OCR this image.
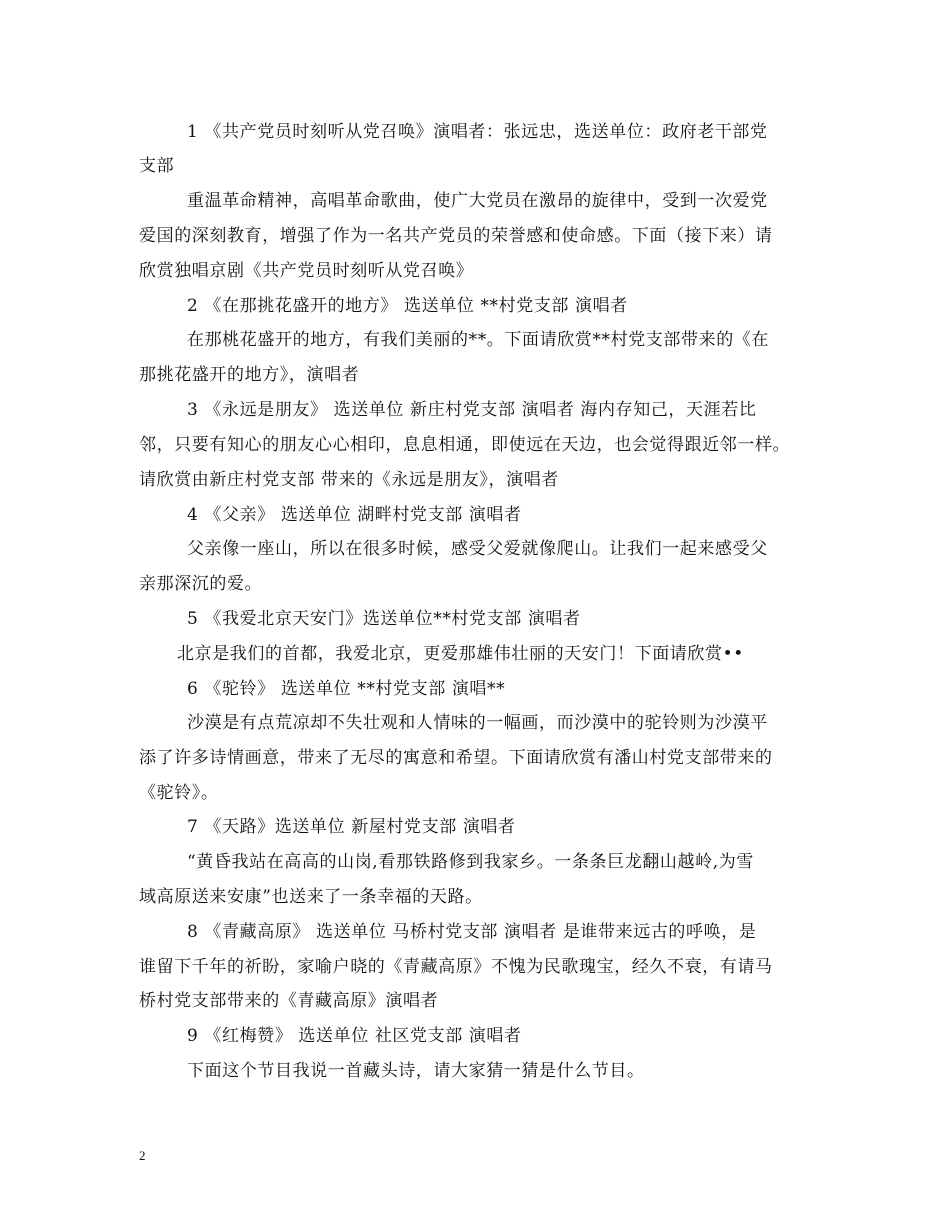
1 《共产党员时刻听从党召唤》演唱者：张远忠，选送单位：政府老干部党
支部
重温革命精神，高唱革命歌曲，使广大党员在激昂的旋律中，受到一次爱党
爱国的深刻教育，增强了作为一名共产党员的荣誉感和使命感。下面（接下来）请
欣赏独唱京剧《共产党员时刻听从党召唤》
2 《在那挑花盛开的地方》 选送单位 **村党支部 演唱者
在那桃花盛开的地方，有我们美丽的**。下面请欣赏**村党支部带来的《在
那挑花盛开的地方》，演唱者
3 《永远是朋友》 选送单位 新庄村党支部 演唱者 海内存知己，天涯若比
邻，只要有知心的朋友心心相印，息息相通，即使远在天边，也会觉得跟近邻一样。
请欣赏由新庄村党支部 带来的《永远是朋友》，演唱者
4 《父亲》 选送单位 湖畔村党支部 演唱者
父亲像一座山，所以在很多时候，感受父爱就像爬山。让我们一起来感受父
亲那深沉的爱。
5 《我爱北京天安门》选送单位**村党支部 演唱者
北京是我们的首都，我爱北京，更爱那雄伟壮丽的天安门！下面请欣赏••
6 《驼铃》 选送单位 **村党支部 演唱**
沙漠是有点荒凉却不失壮观和人情味的一幅画，而沙漠中的驼铃则为沙漠平
添了许多诗情画意，带来了无尽的寓意和希望。下面请欣赏有潘山村党支部带来的
《驼铃》。
7 《天路》选送单位 新屋村党支部 演唱者
“黄昏我站在高高的山岗,看那铁路修到我家乡。一条条巨龙翻山越岭,为雪
域高原送来安康”也送来了一条幸福的天路。
8 《青藏高原》 选送单位 马桥村党支部 演唱者 是谁带来远古的呼唤，是
谁留下千年的祈盼，家喻户晓的《青藏高原》不愧为民歌瑰宝，经久不衰，有请马
桥村党支部带来的《青藏高原》演唱者
9 《红梅赞》 选送单位 社区党支部 演唱者
下面这个节目我说一首藏头诗，请大家猜一猜是什么节目。
2
